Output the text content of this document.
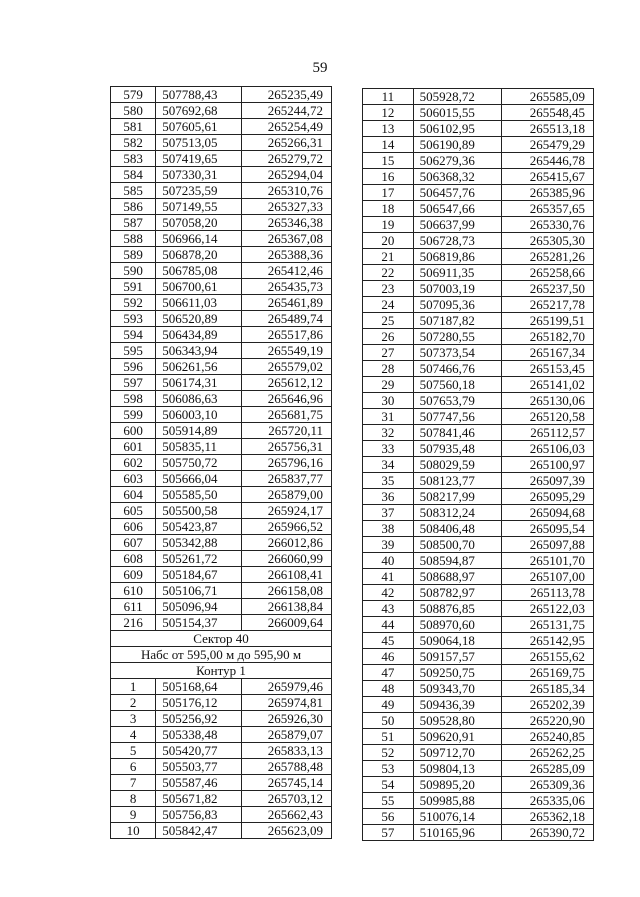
59
579	507788,43	265235,49
580	507692,68	265244,72
581	507605,61	265254,49
582	507513,05	265266,31
583	507419,65	265279,72
584	507330,31	265294,04
585	507235,59	265310,76
586	507149,55	265327,33
587	507058,20	265346,38
588	506966,14	265367,08
589	506878,20	265388,36
590	506785,08	265412,46
591	506700,61	265435,73
592	506611,03	265461,89
593	506520,89	265489,74
594	506434,89	265517,86
595	506343,94	265549,19
596	506261,56	265579,02
597	506174,31	265612,12
598	506086,63	265646,96
599	506003,10	265681,75
600	505914,89	265720,11
601	505835,11	265756,31
602	505750,72	265796,16
603	505666,04	265837,77
604	505585,50	265879,00
605	505500,58	265924,17
606	505423,87	265966,52
607	505342,88	266012,86
608	505261,72	266060,99
609	505184,67	266108,41
610	505106,71	266158,08
611	505096,94	266138,84
216	505154,37	266009,64
Сектор 40		
Набс от 595,00 м до 595,90 м		
Контур 1		
1	505168,64	265979,46
2	505176,12	265974,81
3	505256,92	265926,30
4	505338,48	265879,07
5	505420,77	265833,13
6	505503,77	265788,48
7	505587,46	265745,14
8	505671,82	265703,12
9	505756,83	265662,43
10	505842,47	265623,09
11	505928,72	265585,09
12	506015,55	265548,45
13	506102,95	265513,18
14	506190,89	265479,29
15	506279,36	265446,78
16	506368,32	265415,67
17	506457,76	265385,96
18	506547,66	265357,65
19	506637,99	265330,76
20	506728,73	265305,30
21	506819,86	265281,26
22	506911,35	265258,66
23	507003,19	265237,50
24	507095,36	265217,78
25	507187,82	265199,51
26	507280,55	265182,70
27	507373,54	265167,34
28	507466,76	265153,45
29	507560,18	265141,02
30	507653,79	265130,06
31	507747,56	265120,58
32	507841,46	265112,57
33	507935,48	265106,03
34	508029,59	265100,97
35	508123,77	265097,39
36	508217,99	265095,29
37	508312,24	265094,68
38	508406,48	265095,54
39	508500,70	265097,88
40	508594,87	265101,70
41	508688,97	265107,00
42	508782,97	265113,78
43	508876,85	265122,03
44	508970,60	265131,75
45	509064,18	265142,95
46	509157,57	265155,62
47	509250,75	265169,75
48	509343,70	265185,34
49	509436,39	265202,39
50	509528,80	265220,90
51	509620,91	265240,85
52	509712,70	265262,25
53	509804,13	265285,09
54	509895,20	265309,36
55	509985,88	265335,06
56	510076,14	265362,18
57	510165,96	265390,72
